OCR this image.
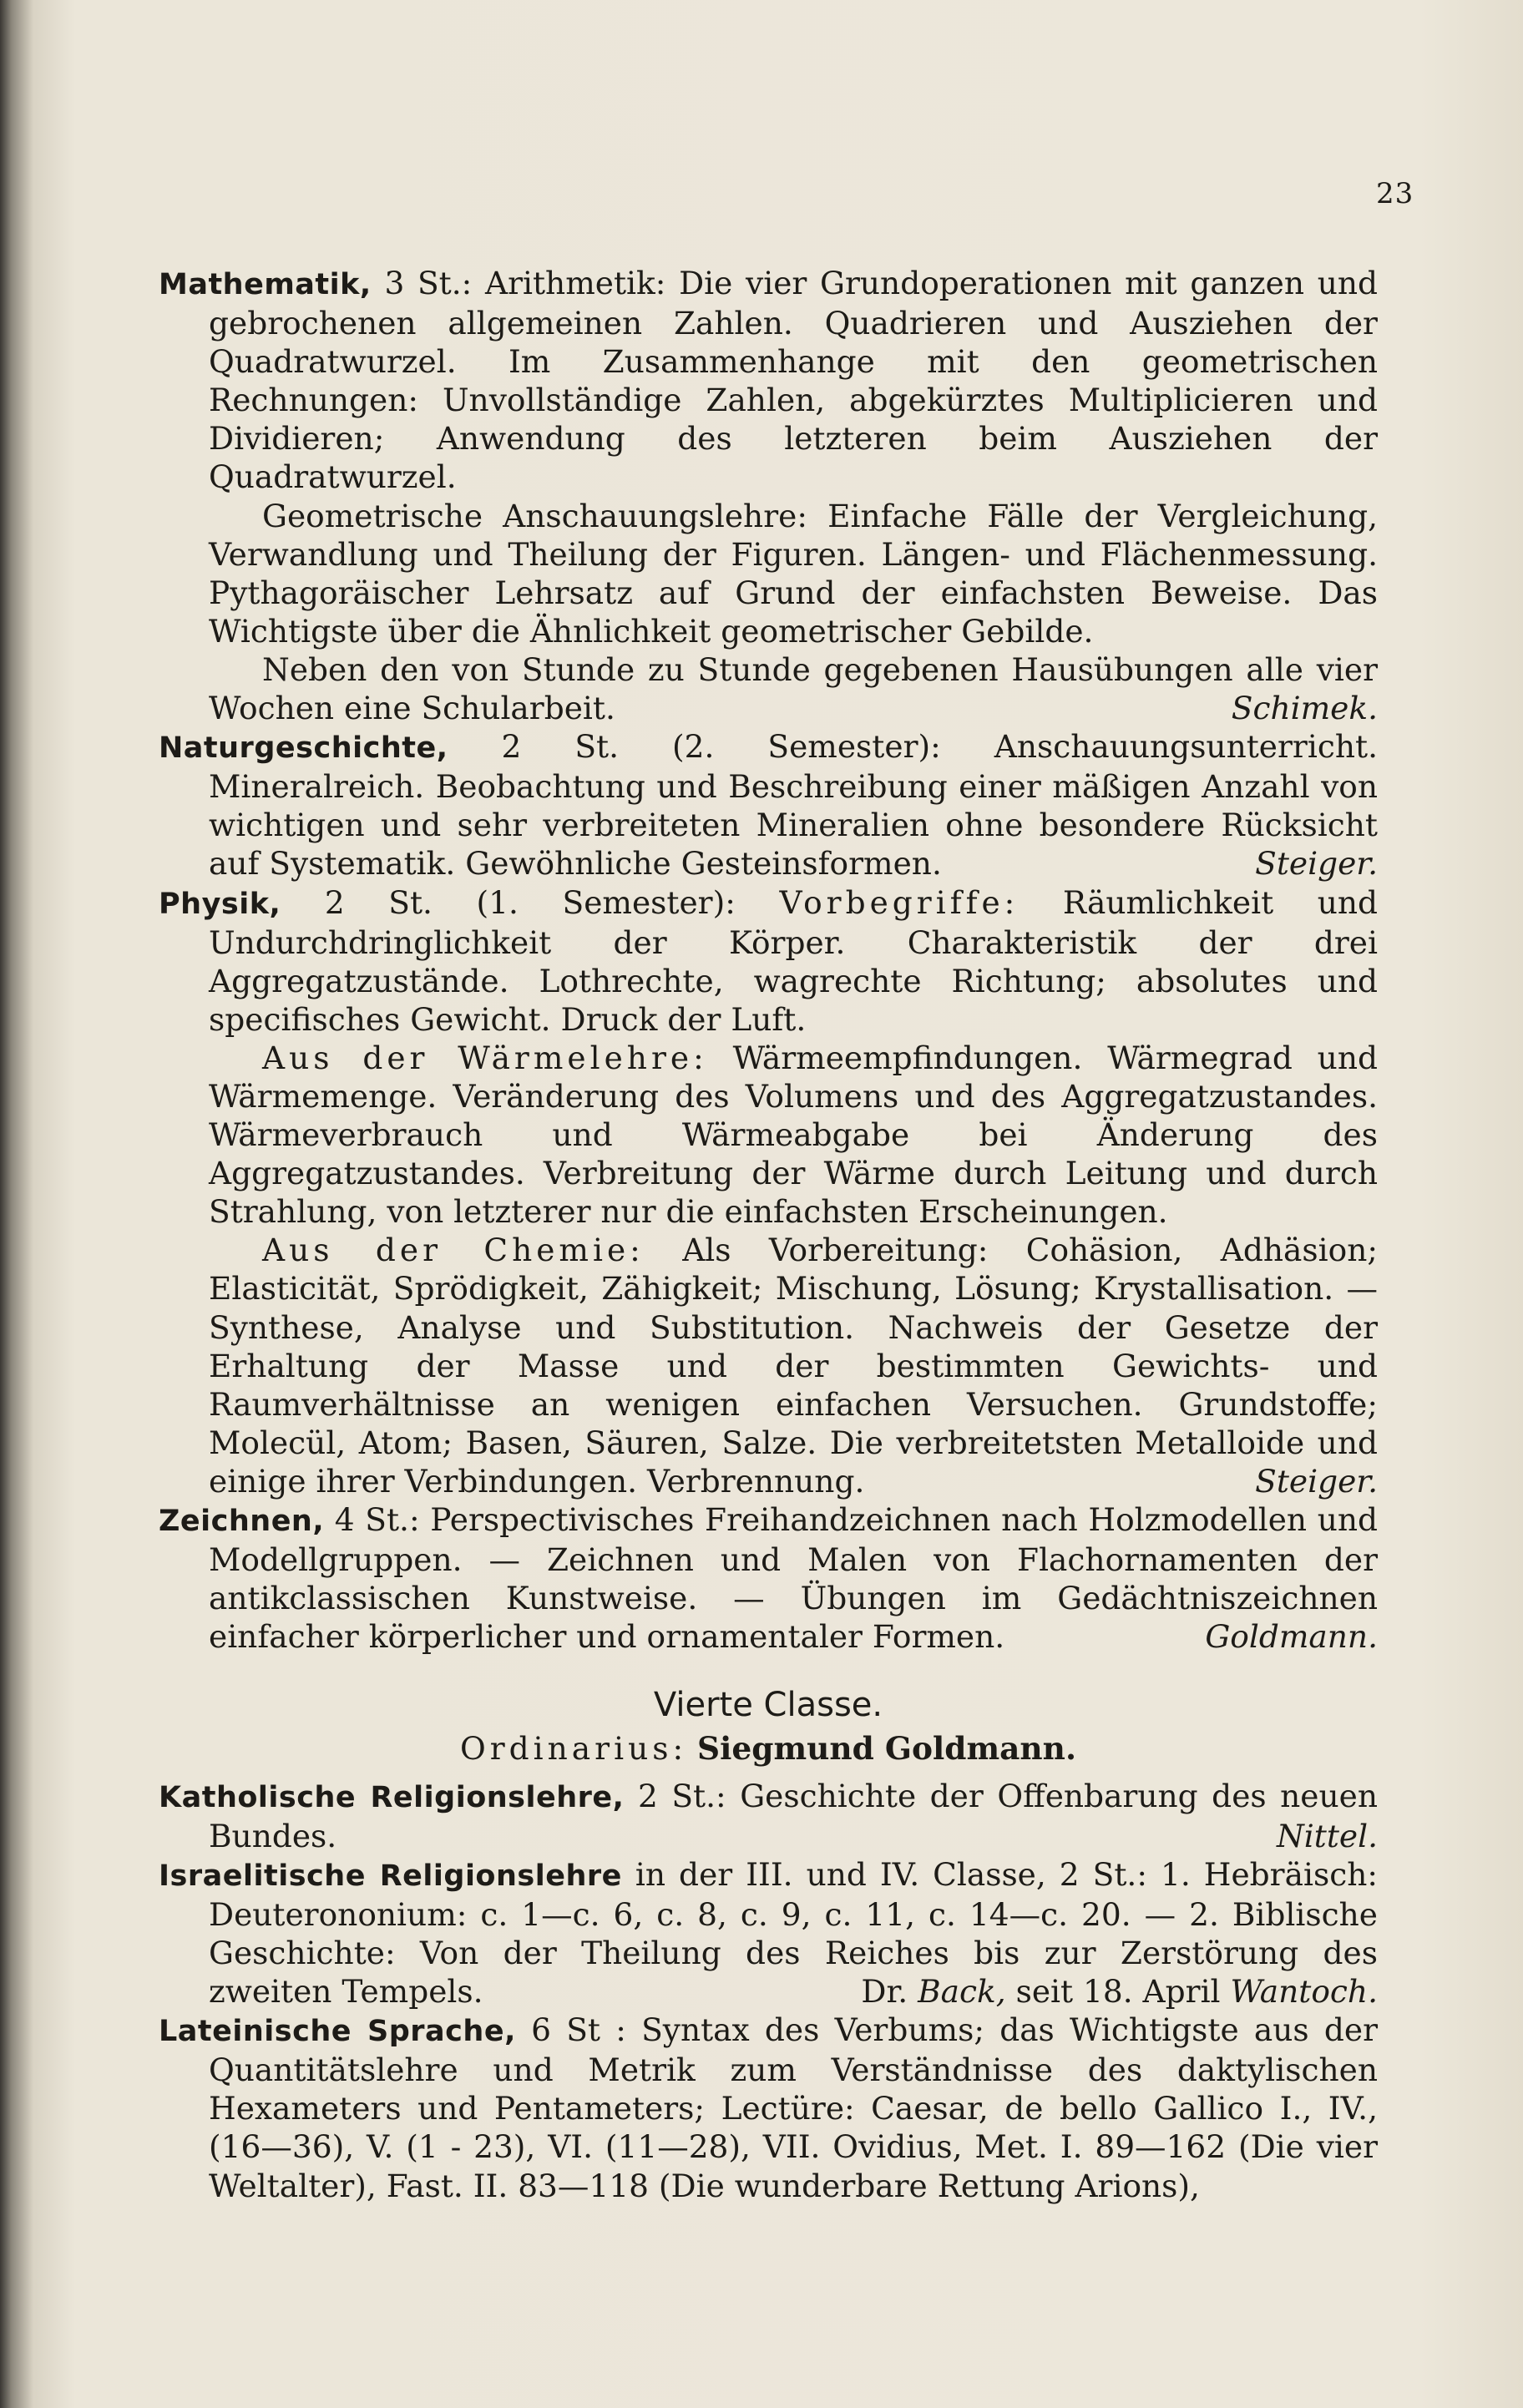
23

Mathematik, 3 St.: Arithmetik: Die vier Grundoperationen mit ganzen und gebrochenen allgemeinen Zahlen. Quadrieren und Ausziehen der Quadratwurzel. Im Zusammenhange mit den geometrischen Rechnungen: Unvollständige Zahlen, abgekürztes Multiplicieren und Dividieren; Anwendung des letzteren beim Ausziehen der Quadratwurzel.

Geometrische Anschauungslehre: Einfache Fälle der Vergleichung, Verwandlung und Theilung der Figuren. Längen- und Flächenmessung. Pythagoräischer Lehrsatz auf Grund der einfachsten Beweise. Das Wichtigste über die Ähnlichkeit geometrischer Gebilde.

Neben den von Stunde zu Stunde gegebenen Hausübungen alle vier Wochen eine Schularbeit.	Schimek.

Naturgeschichte, 2 St. (2. Semester): Anschauungsunterricht. Mineralreich. Beobachtung und Beschreibung einer mäßigen Anzahl von wichtigen und sehr verbreiteten Mineralien ohne besondere Rücksicht auf Systematik. Gewöhnliche Gesteinsformen.	Steiger.

Physik, 2 St. (1. Semester): Vorbegriffe: Räumlichkeit und Undurchdringlichkeit der Körper. Charakteristik der drei Aggregatzustände. Lothrechte, wagrechte Richtung; absolutes und specifisches Gewicht. Druck der Luft.

Aus der Wärmelehre: Wärmeempfindungen. Wärmegrad und Wärmemenge. Veränderung des Volumens und des Aggregatzustandes. Wärmeverbrauch und Wärmeabgabe bei Änderung des Aggregatzustandes. Verbreitung der Wärme durch Leitung und durch Strahlung, von letzterer nur die einfachsten Erscheinungen.

Aus der Chemie: Als Vorbereitung: Cohäsion, Adhäsion; Elasticität, Sprödigkeit, Zähigkeit; Mischung, Lösung; Krystallisation. — Synthese, Analyse und Substitution. Nachweis der Gesetze der Erhaltung der Masse und der bestimmten Gewichts- und Raumverhältnisse an wenigen einfachen Versuchen. Grundstoffe; Molecül, Atom; Basen, Säuren, Salze. Die verbreitetsten Metalloide und einige ihrer Verbindungen. Verbrennung.	Steiger.

Zeichnen, 4 St.: Perspectivisches Freihandzeichnen nach Holzmodellen und Modellgruppen. — Zeichnen und Malen von Flachornamenten der antikclassischen Kunstweise. — Übungen im Gedächtniszeichnen einfacher körperlicher und ornamentaler Formen.	Goldmann.

Vierte Classe.
Ordinarius: Siegmund Goldmann.

Katholische Religionslehre, 2 St.: Geschichte der Offenbarung des neuen Bundes.	Nittel.

Israelitische Religionslehre in der III. und IV. Classe, 2 St.: 1. Hebräisch: Deuterononium: c. 1—c. 6, c. 8, c. 9, c. 11, c. 14—c. 20. — 2. Biblische Geschichte: Von der Theilung des Reiches bis zur Zerstörung des zweiten Tempels.	Dr. Back, seit 18. April Wantoch.

Lateinische Sprache, 6 St : Syntax des Verbums; das Wichtigste aus der Quantitätslehre und Metrik zum Verständnisse des daktylischen Hexameters und Pentameters; Lectüre: Caesar, de bello Gallico I., IV., (16—36), V. (1 - 23), VI. (11—28), VII. Ovidius, Met. I. 89—162 (Die vier Weltalter), Fast. II. 83—118 (Die wunderbare Rettung Arions),
